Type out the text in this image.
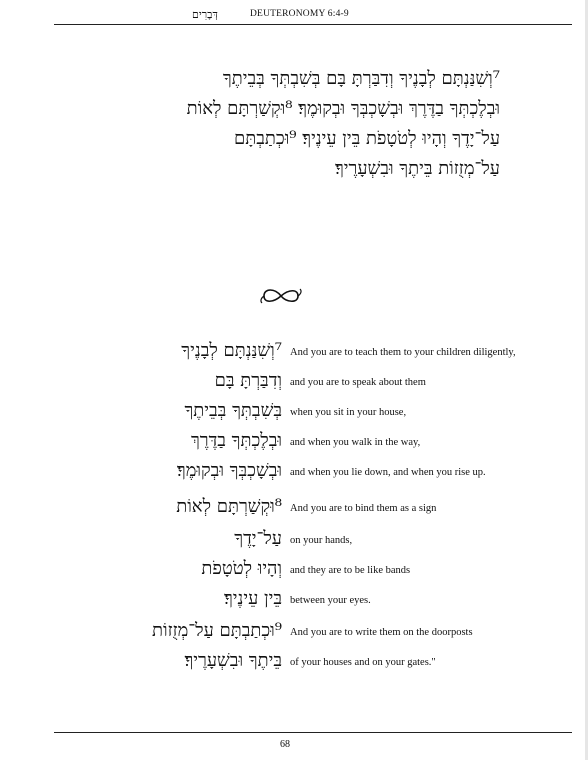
דְּבָרִים	DEUTERONOMY 6:4-9
⁷וְשִׁנַּנְתָּם לְבָנֶיךָ וְדִבַּרְתָּ בָּם בְּשִׁבְתְּךָ בְּבֵיתֶךָ
וּבְלֶכְתְּךָ בַדֶּרֶךְ וּבְשָׁכְבְּךָ וּבְקוּמֶךָ׃ ⁸וּקְשַׁרְתָּם לְאוֹת
עַל־יָדֶךָ וְהָיוּ לְטֹטָפֹת בֵּין עֵינֶיךָ׃ ⁹וּכְתַבְתָּם
עַל־מְזֻזוֹת בֵּיתֶךָ וּבִשְׁעָרֶיךָ׃
⁷וְשִׁנַּנְתָּם לְבָנֶיךָ And you are to teach them to your children diligently,
וְדִבַּרְתָּ בָּם and you are to speak about them
בְּשִׁבְתְּךָ בְּבֵיתֶךָ when you sit in your house,
וּבְלֶכְתְּךָ בַדֶּרֶךְ and when you walk in the way,
וּבְשָׁכְבְּךָ וּבְקוּמֶךָ׃ and when you lie down, and when you rise up.
⁸וּקְשַׁרְתָּם לְאוֹת And you are to bind them as a sign
עַל־יָדֶךָ on your hands,
וְהָיוּ לְטֹטָפֹת and they are to be like bands
בֵּין עֵינֶיךָ׃ between your eyes.
⁹וּכְתַבְתָּם עַל־מְזֻזוֹת And you are to write them on the doorposts
בֵּיתֶךָ וּבִשְׁעָרֶיךָ׃ of your houses and on your gates."
68
